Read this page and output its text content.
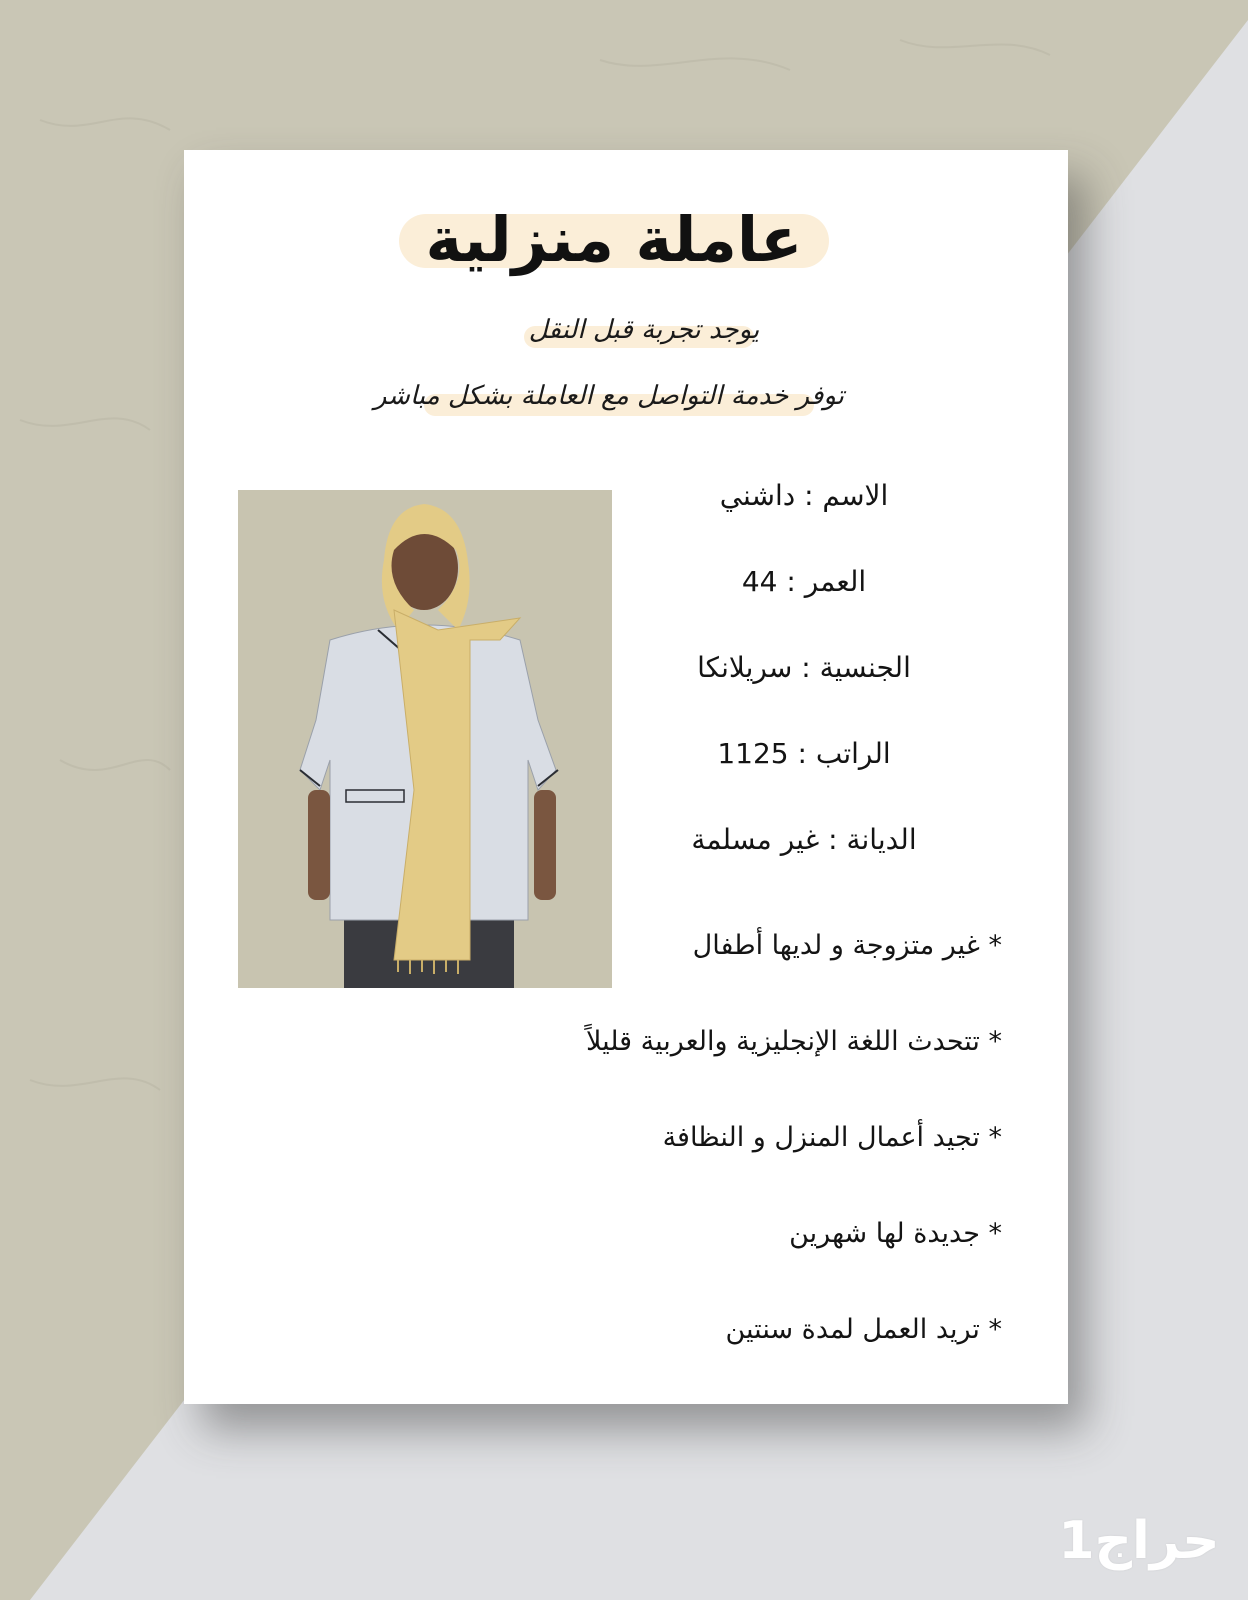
عاملة منزلية
يوجد تجربة قبل النقل
توفر خدمة التواصل مع العاملة بشكل مباشر
الاسم : داشني
العمر : 44
الجنسية : سريلانكا
الراتب : 1125
الديانة : غير مسلمة
* غير متزوجة و لديها أطفال
* تتحدث اللغة الإنجليزية والعربية قليلاً
* تجيد أعمال المنزل و النظافة
* جديدة لها شهرين
* تريد العمل لمدة سنتين
حراج1
